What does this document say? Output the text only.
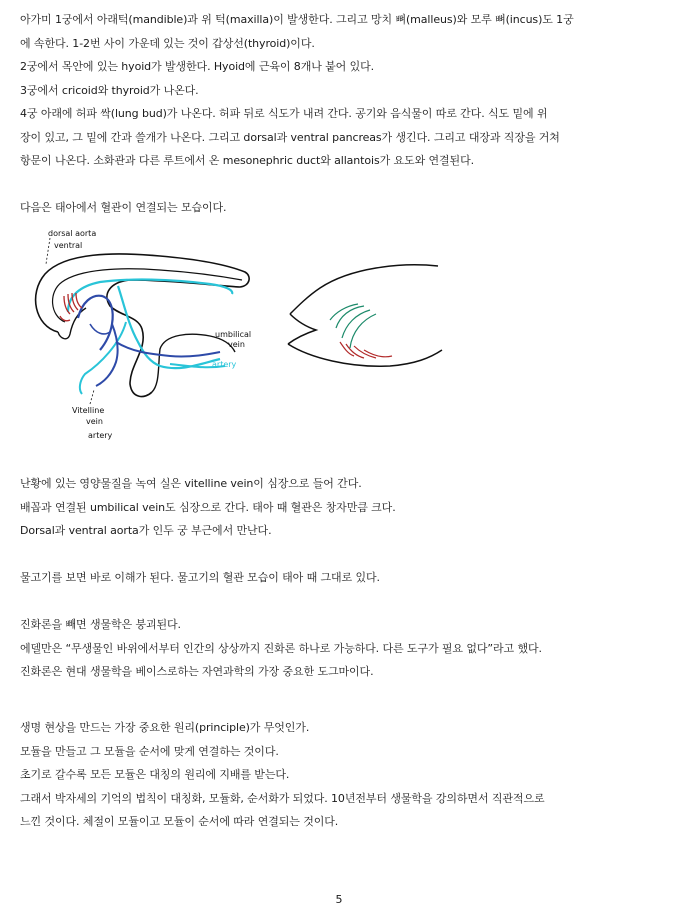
아가미 1궁에서 아래턱(mandible)과 위 턱(maxilla)이 발생한다. 그리고 망치 뼈(malleus)와 모루 뼈(incus)도 1궁
에 속한다. 1-2번 사이 가운데 있는 것이 갑상선(thyroid)이다.
2궁에서 목안에 있는 hyoid가 발생한다. Hyoid에 근육이 8개나 붙어 있다.
3궁에서 cricoid와 thyroid가 나온다.
4궁 아래에 허파 싹(lung bud)가 나온다. 허파 뒤로 식도가 내려 간다. 공기와 음식물이 따로 간다. 식도 밑에 위
장이 있고, 그 밑에 간과 쓸개가 나온다. 그리고 dorsal과 ventral pancreas가 생긴다. 그리고 대장과 직장을 거쳐
항문이 나온다. 소화관과 다른 루트에서 온 mesonephric duct와 allantois가 요도와 연결된다.
다음은 태아에서 혈관이 연결되는 모습이다.
dorsal aorta
ventral
umbilical
vein
artery
Vitelline
vein
artery
난황에 있는 영양물질을 녹여 실은 vitelline vein이 심장으로 들어 간다.
배꼽과 연결된 umbilical vein도 심장으로 간다. 태아 때 혈관은 창자만큼 크다.
Dorsal과 ventral aorta가 인두 궁 부근에서 만난다.
물고기를 보면 바로 이해가 된다. 물고기의 혈관 모습이 태아 때 그대로 있다.
진화론을 빼면 생물학은 붕괴된다.
에델만은 “무생물인 바위에서부터 인간의 상상까지 진화론 하나로 가능하다. 다른 도구가 필요 없다”라고 했다.
진화론은 현대 생물학을 베이스로하는 자연과학의 가장 중요한 도그마이다.
생명 현상을 만드는 가장 중요한 원리(principle)가 무엇인가.
모듈을 만들고 그 모듈을 순서에 맞게 연결하는 것이다.
초기로 갈수록 모든 모듈은 대칭의 원리에 지배를 받는다.
그래서 박자세의 기억의 법칙이 대칭화, 모듈화, 순서화가 되었다. 10년전부터 생물학을 강의하면서 직관적으로
느낀 것이다. 체절이 모듈이고 모듈이 순서에 따라 연결되는 것이다.
5
